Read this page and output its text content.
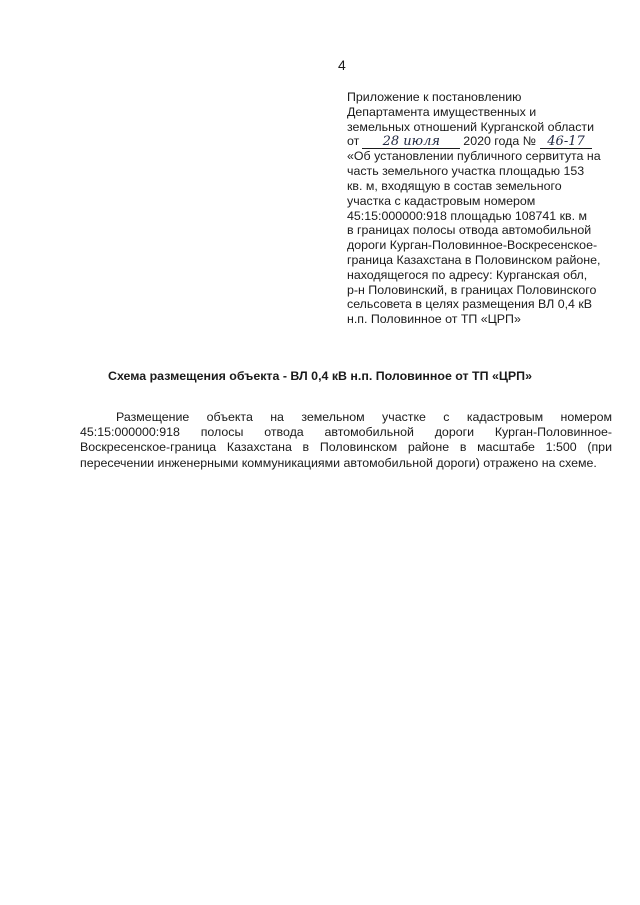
4
Приложение к постановлению
Департамента имущественных и
земельных отношений Курганской области
от 28 июля 2020 года № 46-17
«Об установлении публичного сервитута на
часть земельного участка площадью 153
кв. м, входящую в состав земельного
участка с кадастровым номером
45:15:000000:918 площадью 108741 кв. м
в границах полосы отвода автомобильной
дороги Курган-Половинное-Воскресенское-
граница Казахстана в Половинском районе,
находящегося по адресу: Курганская обл,
р-н Половинский, в границах Половинского
сельсовета в целях размещения ВЛ 0,4 кВ
н.п. Половинное от ТП «ЦРП»
Схема размещения объекта - ВЛ 0,4 кВ н.п. Половинное от ТП «ЦРП»
Размещение объекта на земельном участке с кадастровым номером 45:15:000000:918 полосы отвода автомобильной дороги Курган-Половинное-Воскресенское-граница Казахстана в Половинском районе в масштабе 1:500 (при пересечении инженерными коммуникациями автомобильной дороги) отражено на схеме.
